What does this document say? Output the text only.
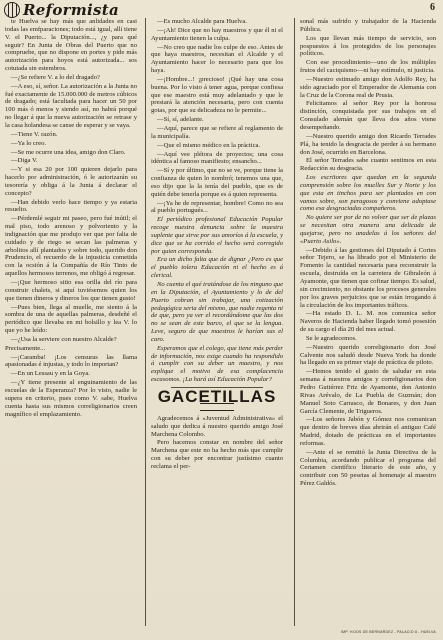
Reformista	6

te Huelva se hay más que anlidades en casi todas las emfparaciones; todo está igual, allí tiene V. el Puerto... la Diputación..., ¿y para qué seguir? En Junta de Obras del Puerto que no compruebe, que no dispone en portes y pide más autorización para hoyos está autorizada... sos cotutada sin estembros.

—¿Se refiere V. a lo del dragado?

—A eso, sí, señor. La autorización a la Junta no fué exactamente de 15.000.000 de metros cúbicos de dragado; está facultada para hacer un 50 por 100 más ó menos y siendo así, no habrá porqué no llegar á que la nueva autorización se retrase y la casa holandesa se canse de esperar y se vaya.

—Tiene V. razón.

—Ya lo creo.

—Se me ocurre una idea, amigo don Claro.

—Diga V.

—Y si esa 20 por 100 quieren dejarlo para hacerlo por administración, ó le autorizarán su tesorería y obliga á la Junta á declarar el concepto?

—Han debido verlo hace tiempo y ya estaria resuelto.

—Pérdemlé seguir mi paseo, pero fué inútil; el mal piso, todo arenoso y polvoriento y la indignación que me produjo ver que por falta de cuidado y de riego se secan las palmeras y arbolitos allí plantados y sobre todo, querido don Prudencio, el recuerdo de la injusticia cometida con la ocsión á la Compañía de Río Tinto de aquellos hermosos terrenos, me obligó á regresar.

—¡Que hermoso sitio esa orilla del río para construir chalets, si aquí tuviésemos quien los que tienen dineros y dineros los que tienen gusto!

—Pues bien, llega al muelle, me siento á la sombra de una de aquellas palmeras, desdeñé el periódico que llevaba en mi bolsillo y lea V. lo que yo he leído:

—¿Usa la serviere con nuestro Alcalde?

Precisamente...

—¡Caramba! ¡Los censuras las llama apasionadas é injustas, y todo lo importan?

—En un Lessau y en la Goya.

—¿Y tiene presente al enguinamiento de las escuelas de la Esperanza? Por lo visto, nadie le supera en criterio, pues como V. sabe, Huelva cuenta hasta sus mismos correligionarios creen magnífico el emplazamiento.

—Es mucho Alcalde para Huelva.

—¡Ah! Dice que no hay maestros y que él ni el Ayuntamiento tienen la culpa.

—No creo que nadie los culpe de eso. Antes de que haya maestros, necesitan el Alcalde y el Ayuntamiento hacer lo necesario para que los haya.

—¡Hombre...! ¡precioso! ¡Qué hay una cosa buena. Por lo visto á tener agua, porque confiesa que ese maestro está muy adelantado y que le prestará la atención necesaria, pero con cuenta gotas, por que su delicadeza no le permite...

—Sí, sí, adelante.

—Aquí, parece que se refiere al reglamento de la municipalía.

—Que el mismo médico en la práctica.

—Aquí vee plétora de proyectos; una cosa idéntica al famoso manifiesto; ensancho...

—Sí y por último, que no se ve, porque tiene la confianza de quien lo nombró; tenemos una que, eso dijo que la la tenía del pueblo, que es de quién debe tenerla porque es á quien representa.

—¡Ya he de representar, hombre! Como no sea al pueblo portugués...

El periódico profesional Educación Popular recoge nuestra denuncia sobre la maestra suplente que sirve por sus amoríos á la escuela, y dice que se ha corrido el hecho será corregido por quien corresponda.

Era un dicho falta que de dignar ¿Pero es que el pueblo tolera Educación ni el hecho es á clerical.

No cuenta el qué tratándose de los ninguno que en la Diputación, el Ayuntamiento y lo de del Puerto cobran sin trabajar, una cotización pedagógica seria del mismo, que nadie regenta ni de que, pero ya ver el recordándome que las dos no se sean de este barco, el que se la lengua. Leve, seguro de que maestros le harían sus el caro.

Esperamos que el colego, que tiene más perder de información, nos exige cuando ha respondido á cumplir con su deber un maestro, y nos explique el motivo de esa complacencia escasomos. ¡La hará así Educación Popular?

GACETILLAS

Agradecemos á «Juventud Administrativa» el saludo que dedica á nuestro querido amigo José Marchena Colombo.

Pero hacemos constar en nombre del señor Marchena que este no ha hecho más que cumplir con su deber por encontrar justísimo cuanto reclama el per-

sonal más sufrido y trabajador de la Hacienda Pública.

Los que llevan más tiempo de servicio, son pospuestos á los protegidos de los personajes políticos.

Con ese procedimiento—uno de los múltiples frutos del caciquismo—ni hay estímulo, ni justicia.

—Nuestro estimado amigo don Adolfo Rey, ha sido agraciado por el Emperador de Alemania con la Cruz de la Corona real de Prusia.

Felicitamos al señor Rey por la honrosa distinción, conquistada por sus trabajos en el Consulado alemán que lleva dos años viene desempeñando.

—Nuestro querido amigo don Ricardo Terrades Plá, ha tenido la desgracia de perder á su hermano don José, ocurrido en Barcelona.

El señor Terrades sabe cuanto sentimos en esta Redacción su desgracia.

Los escritores que quedan en la segunda comprensión sobre los muelles Sur y Norte y los que esta en tinchos para ser plantados en con vamos sobre, son peragosos y conviene adoptase como esa desgraciadas compañeros.

No quiere ser por de no volver que ser de plazas se necesitan otra manera una delicada de quejarse, pero no anadelas á los señores del «Puerto Asilo».

—Debido á las gestiones del Diputado á Cortes señor Tejero, se ha librado por el Ministerio de Fomento la cantidad necesaria para reconstruir la escuela, destruída en la carretera de Gibraleón á Ayamonte, que tienen que cofinar tiempo. Es salud, sin crecimiento, no obstante los procesos generales por los graves perjuicios que se están irrogando á la circulación de los importantes tráficos.

—Ha estado D. L. M. nos comunica señor Naveros de Hacienda haber llegado tomó posesión de su cargo el día 20 del mes actual.

Se le agradecemos.

—Nuestro querido correligionario don José Calvente nos saludó desde Nueva York ha donde ha llegado en su primer viaje de práctica de piloto.

—Hemos tenido el gusto de saludar en esta semana á nuestros amigos y correligionarios don Pedro Gutiérrez Friz de Ayamonte, don Antonio Rivas Arévalo, de La Puebla de Guzmán; don Manuel Soto Carrasco, de Bonares, y don Juan García Clemente, de Trigueros.

—Los señores Jabón y Gómez nos comunican que dentro de breves días abrirán el antiguo Café Madrid, dotado de prácticas en el importantes reformas.

—Ante el se remitió la Junta Directiva de la Columbia, acordando publicar el programa del Certamen científico literario de este año, y contribuir con 50 pesetas al homenaje al maestro Pérez Galdós.

IMP. HIJOS DE BERNARDEZ - PALACIO 8 - HUELVA
